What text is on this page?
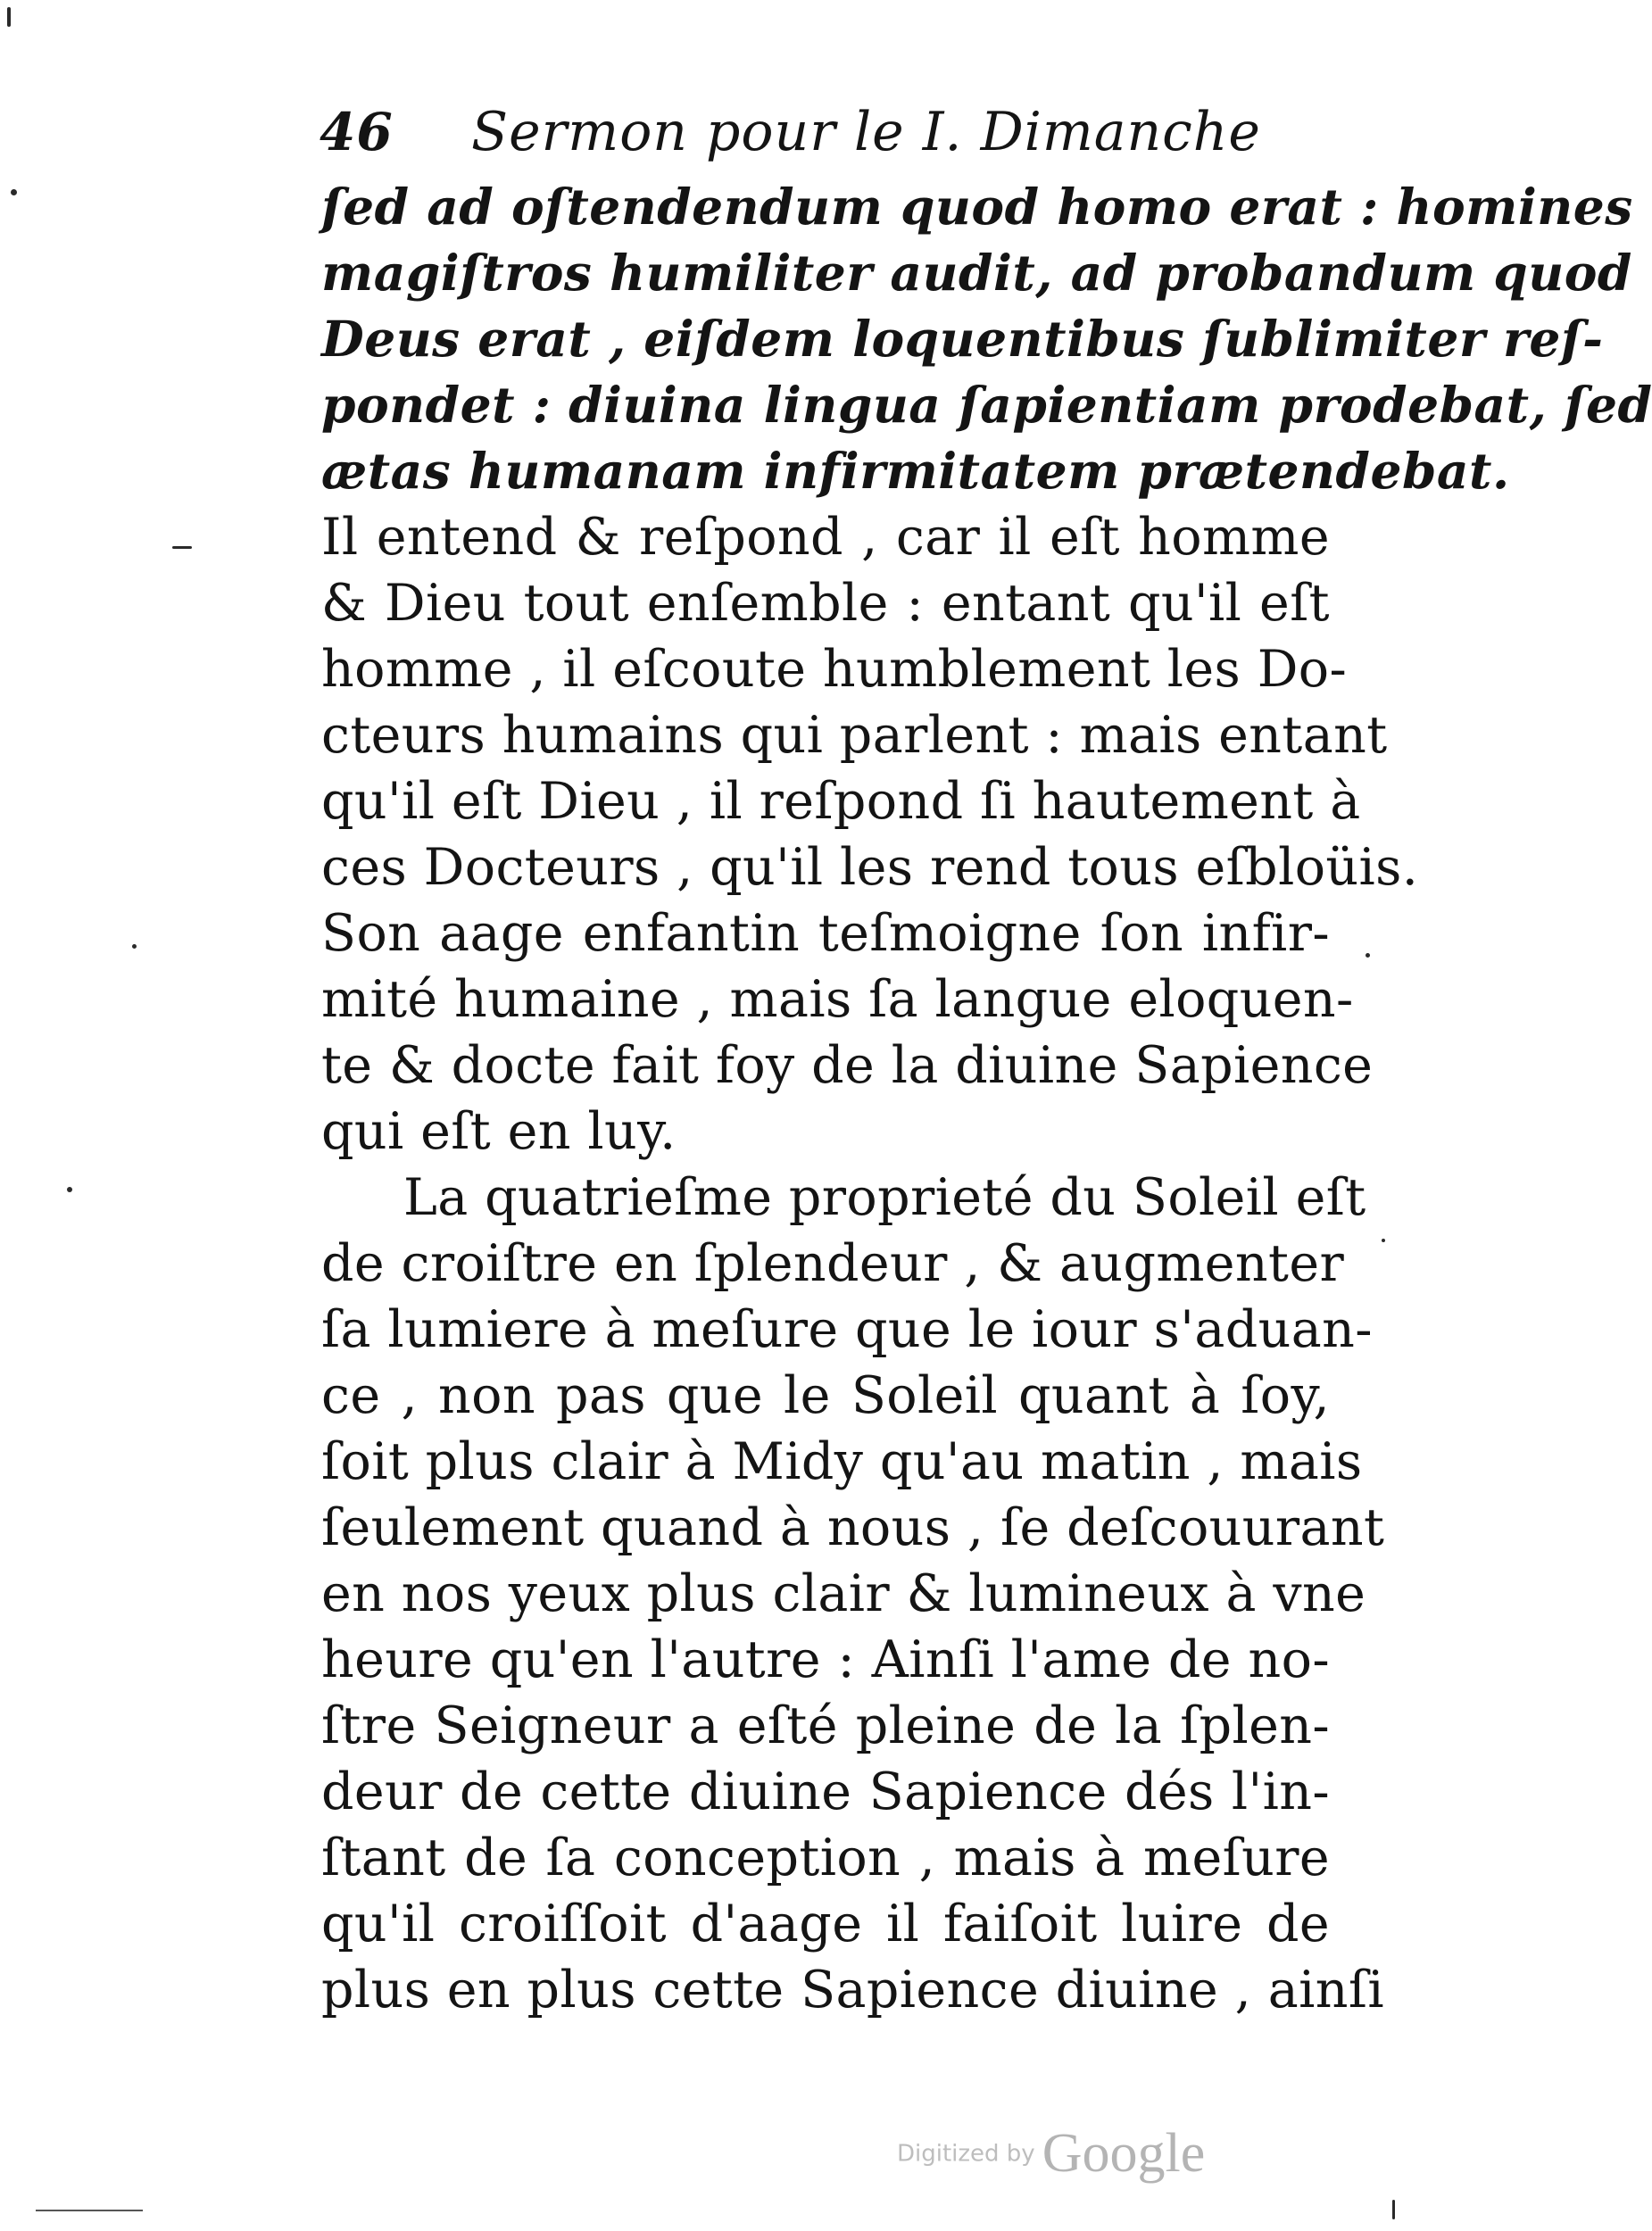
46 Sermon pour le I. Dimanche
ſed ad oſtendendum quod homo erat : homines
magiſtros humiliter audit, ad probandum quod
Deus erat , eiſdem loquentibus ſublimiter reſ-
pondet : diuina lingua ſapientiam prodebat, ſed
ætas humanam infirmitatem prætendebat.
Il entend & reſpond , car il eſt homme
& Dieu tout enſemble : entant qu'il eſt
homme , il eſcoute humblement les Do-
cteurs humains qui parlent : mais entant
qu'il eſt Dieu , il reſpond ſi hautement à
ces Docteurs , qu'il les rend tous eſbloüis.
Son aage enfantin teſmoigne ſon infir-
mité humaine , mais ſa langue eloquen-
te & docte fait foy de la diuine Sapience
qui eſt en luy.
La quatrieſme proprieté du Soleil eſt
de croiſtre en ſplendeur , & augmenter
ſa lumiere à meſure que le iour s'aduan-
ce , non pas que le Soleil quant à ſoy,
ſoit plus clair à Midy qu'au matin , mais
ſeulement quand à nous , ſe deſcouurant
en nos yeux plus clair & lumineux à vne
heure qu'en l'autre : Ainſi l'ame de no-
ſtre Seigneur a eſté pleine de la ſplen-
deur de cette diuine Sapience dés l'in-
ſtant de ſa conception , mais à meſure
qu'il croiſſoit d'aage il faiſoit luire de
plus en plus cette Sapience diuine , ainſi
Digitized by Google
